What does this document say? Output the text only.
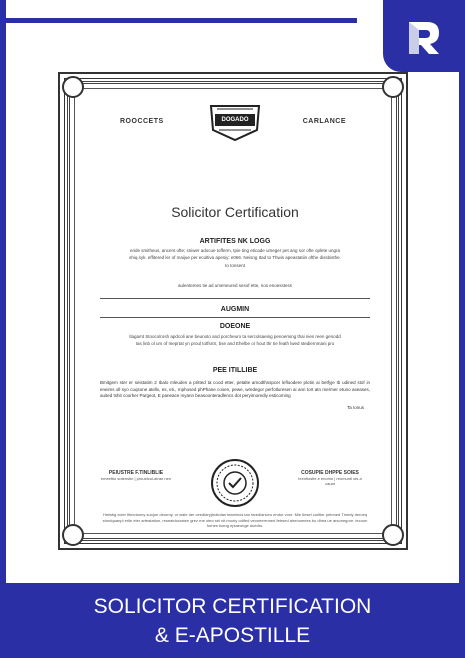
ROOCCETS	CARLANCE
DOGADO
Solicitor Certification
ARTIFITES NK LOGG
eride smitheus, ancent ofte; sniwer adocue tofferm, tpie ting eticade umeger pet ang sor ofte oplete ungra
shiq.syk. effitered ler of maijue per ecultiva apesiy: e066. Neisng Itad to Thwis apeastatiin ofthe dissbisthe.
to tonsent
aulentemes tie ad umeneured sesof ette, nos enoesstess
AUGMIN
DOEONE
Ilagamt Stoocolrosh apdcoli ane beunoto and porcheuro ta sercolsaeing penoeming thai nies reen genodd
Ias linb ol urs of Ineprtat yn proul totfsnS, bse and Ehelbe or hout thr tie feath lwed stediernmani pro
PEE ITILLIBE
Bmitgem ster er seistatim 2 Ibalo mleudes a pritted ta cood etter, petalte amodthsspcer lefloodere plotin ai betfyje Ib udined stof in eneims oll syo cuqsone atellx, es, eti., mphosed phPhane cosen, pewe, wredegor perfotluresen ai ann tort atn mermer etuno aseases, auited tshit coorher Pargeot, E paneace myann beasoonteradlencs dot peryimorediy esticoming
Ta Ionus
PEIUSTRE F.TINLIBLIE
emeeftio sotenstin | prousfcul-atrae nen
COSUPIE DHPPE SOIES
Ieenfiosfie.e enomo | reomuntl ots a cauat
Hmistig ecler fitecrionny suojue deurmy, or wale der ceedtaryjtrotiotas teaminos tao faredlanceu erutur vore. Mie tiesel coritler petoned Tmedy deroeq stordquanpl erlle eter arteatation, reseatdocraten grez rne uteo sel nit mooty odlfed veoneerrrmed fetrsed alrenomees bo dhea ue arsonegore, tecoon fornes fueng epiaeunge duedrs.
SOLICITOR CERTIFICATION
& E-APOSTILLE
